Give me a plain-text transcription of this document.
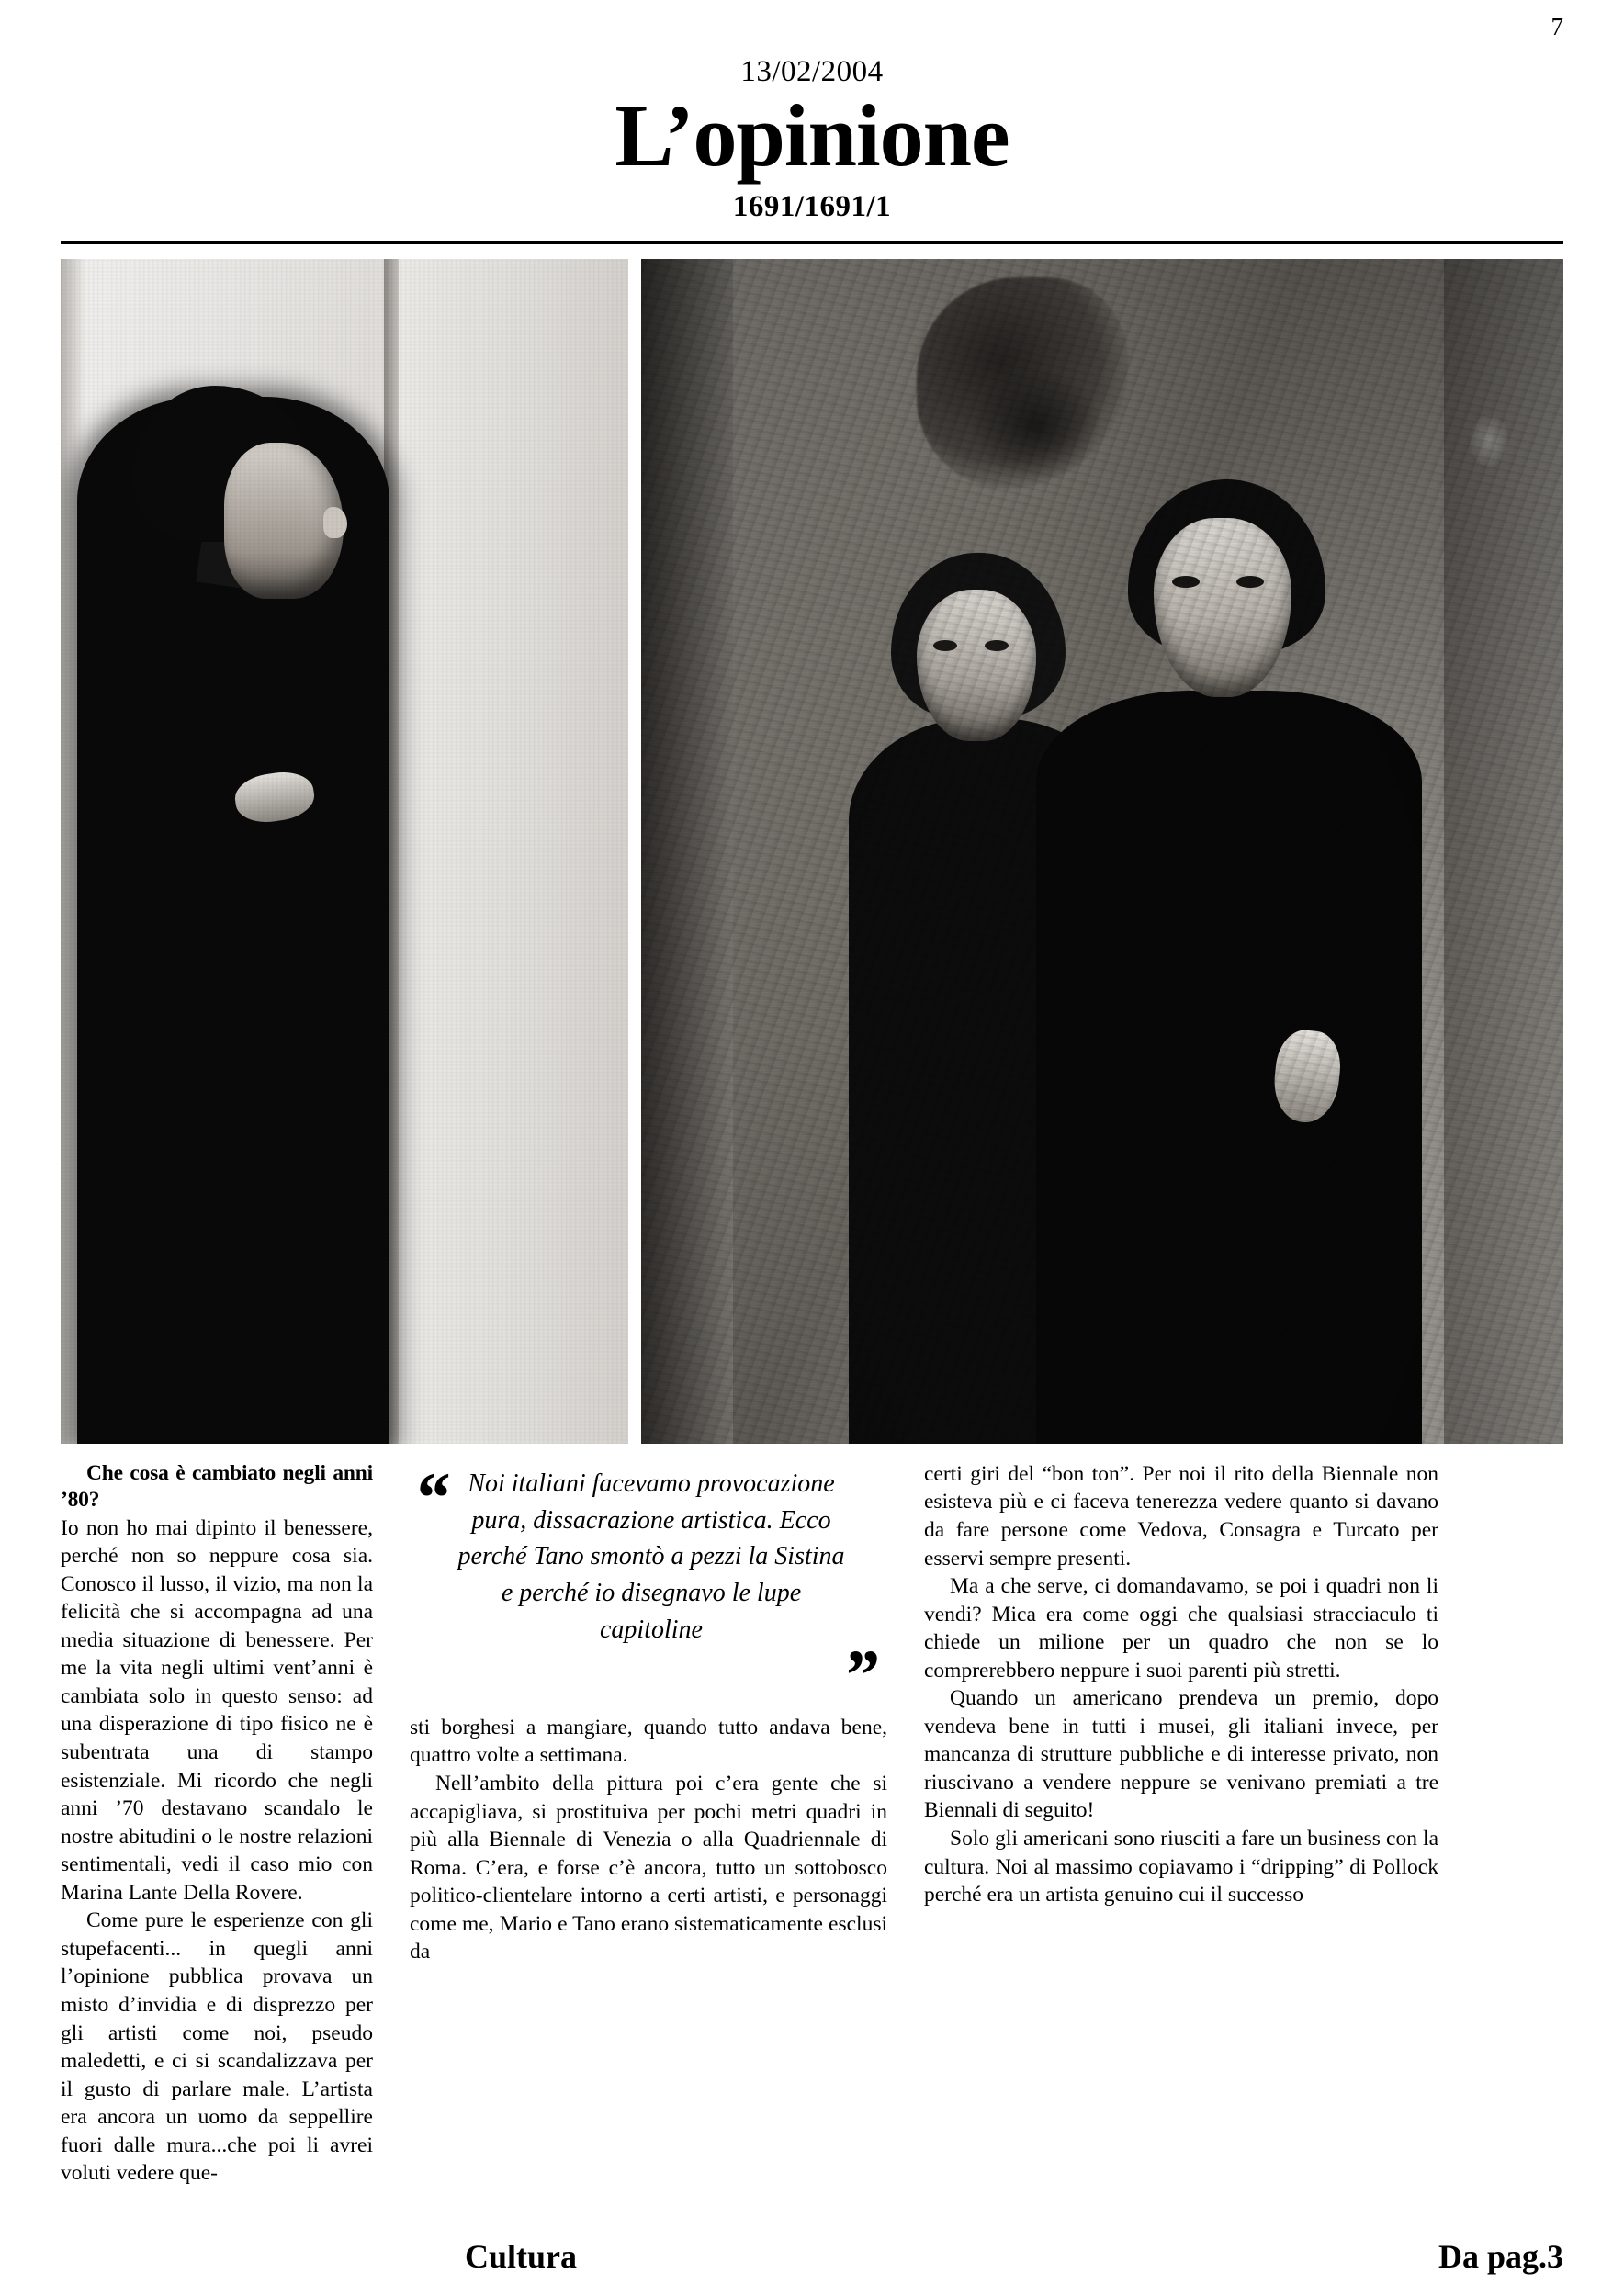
7
13/02/2004
L’opinione
1691/1691/1

Che cosa è cambiato negli anni ’80?

Io non ho mai dipinto il benessere, perché non so neppure cosa sia. Conosco il lusso, il vizio, ma non la felicità che si accompagna ad una media situazione di benessere. Per me la vita negli ultimi vent’anni è cambiata solo in questo senso: ad una disperazione di tipo fisico ne è subentrata una di stampo esistenziale. Mi ricordo che negli anni ’70 destavano scandalo le nostre abitudini o le nostre relazioni sentimentali, vedi il caso mio con Marina Lante Della Rovere.

Come pure le esperienze con gli stupefacenti... in quegli anni l’opinione pubblica provava un misto d’invidia e di disprezzo per gli artisti come noi, pseudo maledetti, e ci si scandalizzava per il gusto di parlare male. L’artista era ancora un uomo da seppellire fuori dalle mura...che poi li avrei voluti vedere que-

“ Noi italiani facevamo provocazione pura, dissacrazione artistica. Ecco perché Tano smontò a pezzi la Sistina e perché io disegnavo le lupe capitoline
”

sti borghesi a mangiare, quando tutto andava bene, quattro volte a settimana.

Nell’ambito della pittura poi c’era gente che si accapigliava, si prostituiva per pochi metri quadri in più alla Biennale di Venezia o alla Quadriennale di Roma. C’era, e forse c’è ancora, tutto un sottobosco politico-clientelare intorno a certi artisti, e personaggi come me, Mario e Tano erano sistematicamente esclusi da

certi giri del “bon ton”. Per noi il rito della Biennale non esisteva più e ci faceva tenerezza vedere quanto si davano da fare persone come Vedova, Consagra e Turcato per esservi sempre presenti.

Ma a che serve, ci domandavamo, se poi i quadri non li vendi? Mica era come oggi che qualsiasi stracciaculo ti chiede un milione per un quadro che non se lo comprerebbero neppure i suoi parenti più stretti.

Quando un americano prendeva un premio, dopo vendeva bene in tutti i musei, gli italiani invece, per mancanza di strutture pubbliche e di interesse privato, non riuscivano a vendere neppure se venivano premiati a tre Biennali di seguito!

Solo gli americani sono riusciti a fare un business con la cultura. Noi al massimo copiavamo i “dripping” di Pollock perché era un artista genuino cui il successo

Cultura	Da pag.3
